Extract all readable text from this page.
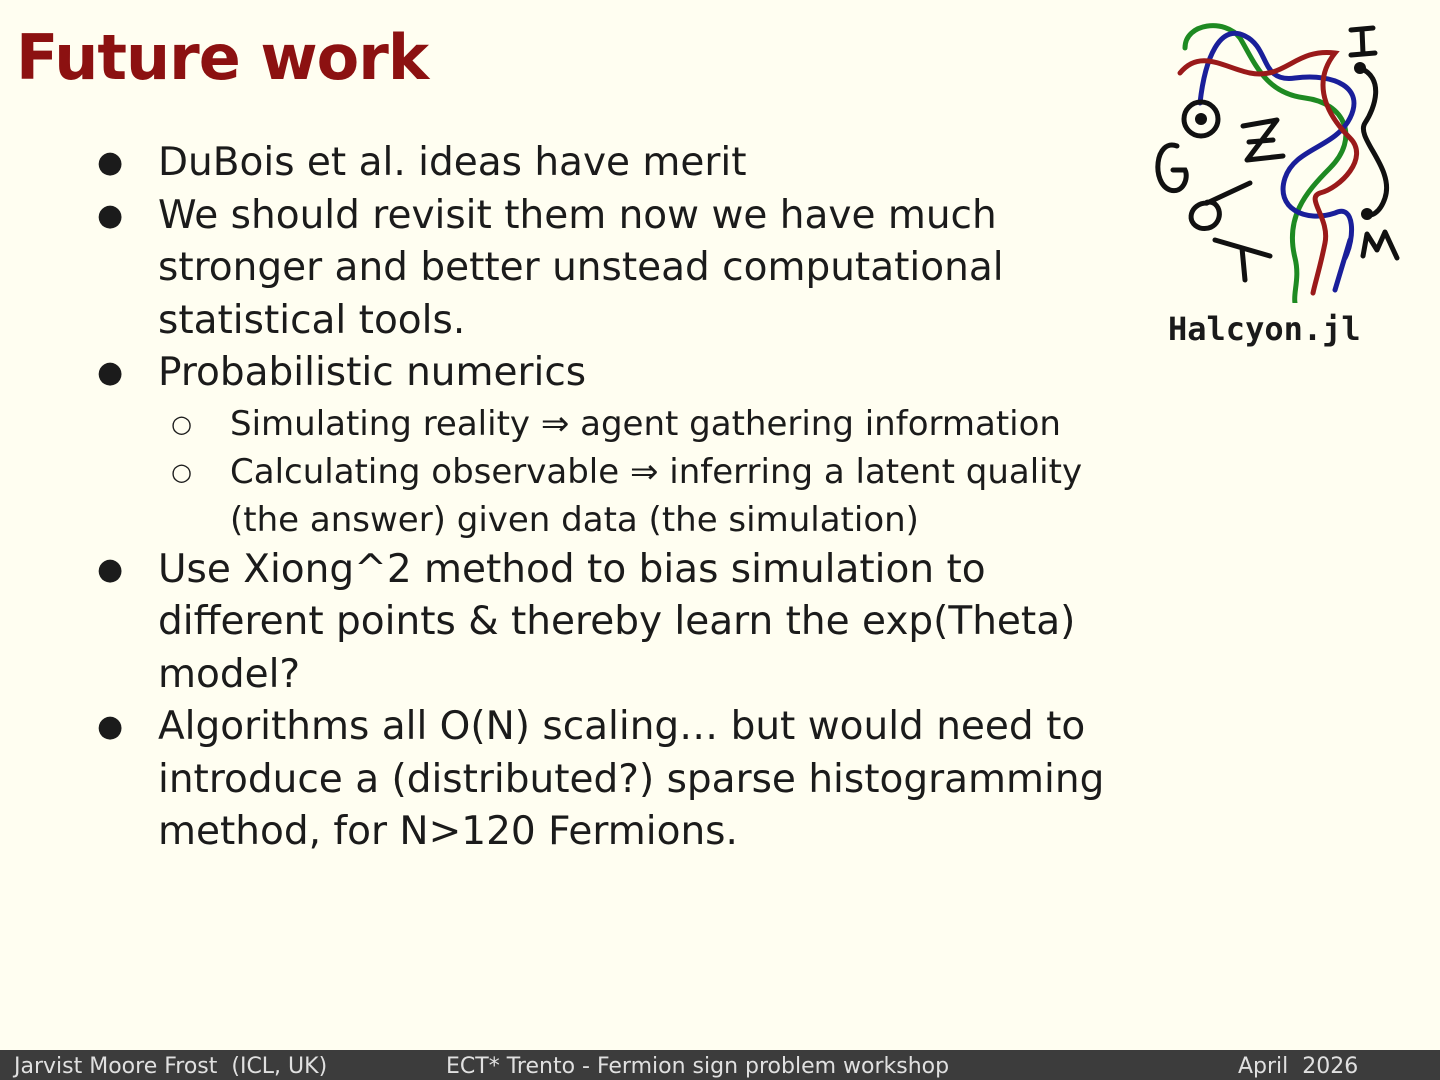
Future work
● DuBois et al. ideas have merit
● We should revisit them now we have much stronger and better unstead computational statistical tools.
● Probabilistic numerics
○ Simulating reality ⇒ agent gathering information
○ Calculating observable ⇒ inferring a latent quality (the answer) given data (the simulation)
● Use Xiong^2 method to bias simulation to different points & thereby learn the exp(Theta) model?
● Algorithms all O(N) scaling… but would need to introduce a (distributed?) sparse histogramming method, for N>120 Fermions.
Halcyon.jl
Jarvist Moore Frost  (ICL, UK)	ECT* Trento - Fermion sign problem workshop	April  2026
